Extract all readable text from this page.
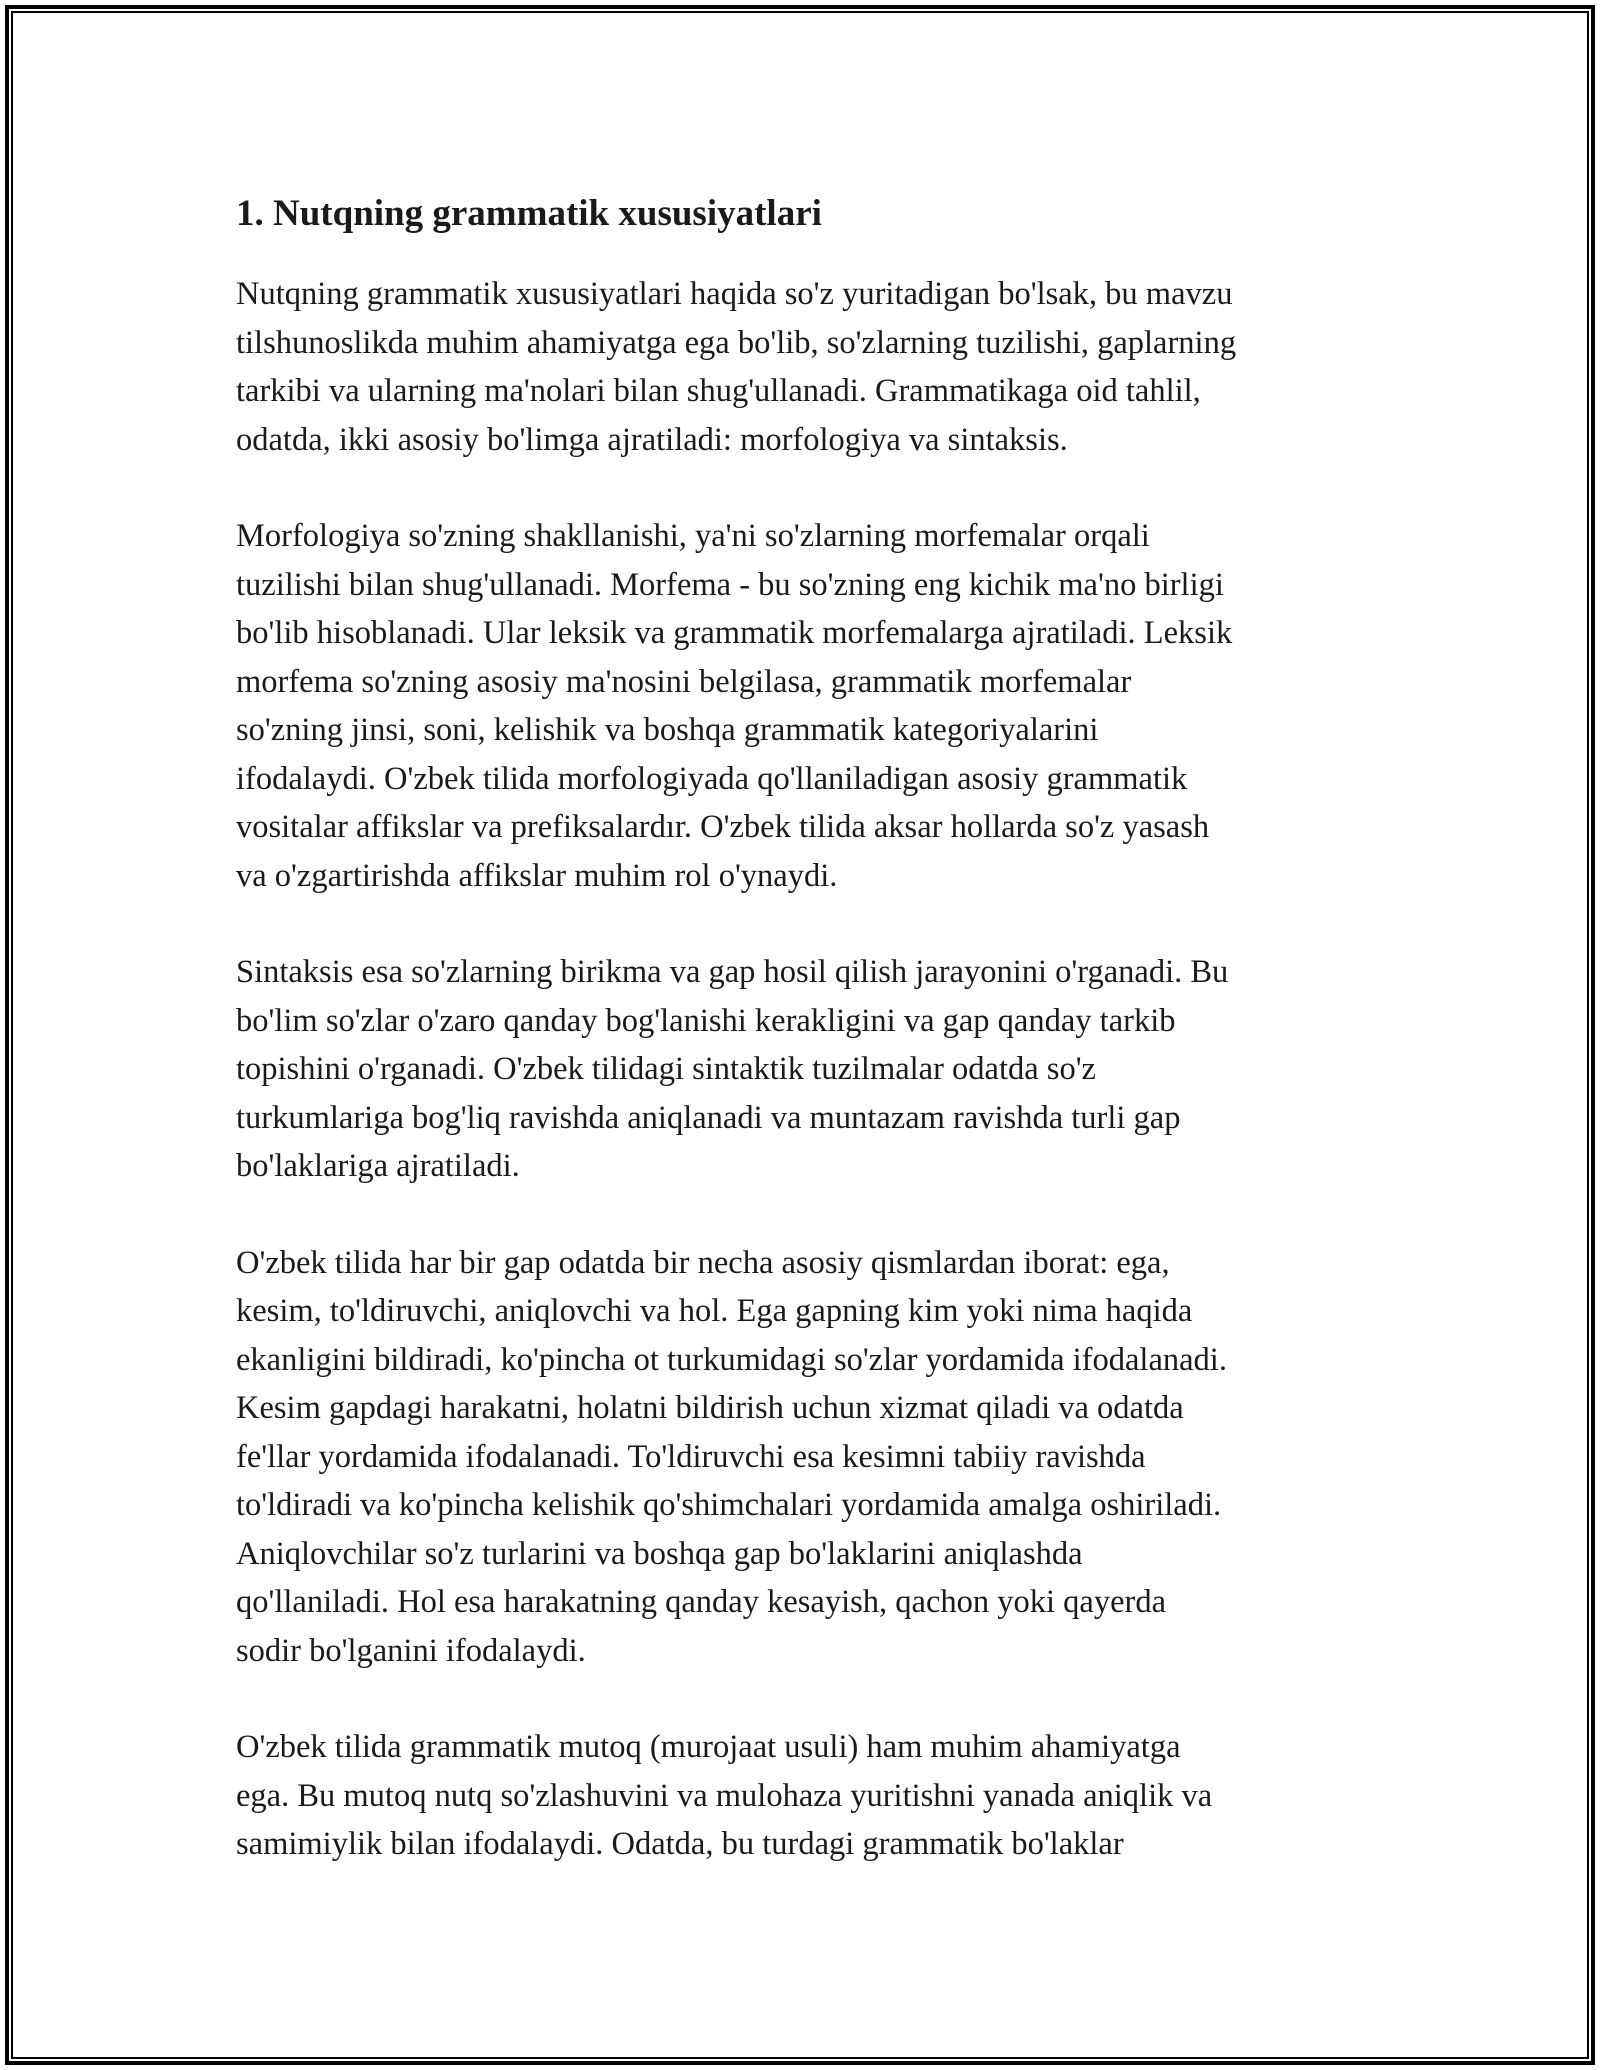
1. Nutqning grammatik xususiyatlari

Nutqning grammatik xususiyatlari haqida so'z yuritadigan bo'lsak, bu mavzu
tilshunoslikda muhim ahamiyatga ega bo'lib, so'zlarning tuzilishi, gaplarning
tarkibi va ularning ma'nolari bilan shug'ullanadi. Grammatikaga oid tahlil,
odatda, ikki asosiy bo'limga ajratiladi: morfologiya va sintaksis.

Morfologiya so'zning shakllanishi, ya'ni so'zlarning morfemalar orqali
tuzilishi bilan shug'ullanadi. Morfema - bu so'zning eng kichik ma'no birligi
bo'lib hisoblanadi. Ular leksik va grammatik morfemalarga ajratiladi. Leksik
morfema so'zning asosiy ma'nosini belgilasa, grammatik morfemalar
so'zning jinsi, soni, kelishik va boshqa grammatik kategoriyalarini
ifodalaydi. O'zbek tilida morfologiyada qo'llaniladigan asosiy grammatik
vositalar affikslar va prefiksalardır. O'zbek tilida aksar hollarda so'z yasash
va o'zgartirishda affikslar muhim rol o'ynaydi.

Sintaksis esa so'zlarning birikma va gap hosil qilish jarayonini o'rganadi. Bu
bo'lim so'zlar o'zaro qanday bog'lanishi kerakligini va gap qanday tarkib
topishini o'rganadi. O'zbek tilidagi sintaktik tuzilmalar odatda so'z
turkumlariga bog'liq ravishda aniqlanadi va muntazam ravishda turli gap
bo'laklariga ajratiladi.

O'zbek tilida har bir gap odatda bir necha asosiy qismlardan iborat: ega,
kesim, to'ldiruvchi, aniqlovchi va hol. Ega gapning kim yoki nima haqida
ekanligini bildiradi, ko'pincha ot turkumidagi so'zlar yordamida ifodalanadi.
Kesim gapdagi harakatni, holatni bildirish uchun xizmat qiladi va odatda
fe'llar yordamida ifodalanadi. To'ldiruvchi esa kesimni tabiiy ravishda
to'ldiradi va ko'pincha kelishik qo'shimchalari yordamida amalga oshiriladi.
Aniqlovchilar so'z turlarini va boshqa gap bo'laklarini aniqlashda
qo'llaniladi. Hol esa harakatning qanday kesayish, qachon yoki qayerda
sodir bo'lganini ifodalaydi.

O'zbek tilida grammatik mutoq (murojaat usuli) ham muhim ahamiyatga
ega. Bu mutoq nutq so'zlashuvini va mulohaza yuritishni yanada aniqlik va
samimiylik bilan ifodalaydi. Odatda, bu turdagi grammatik bo'laklar
